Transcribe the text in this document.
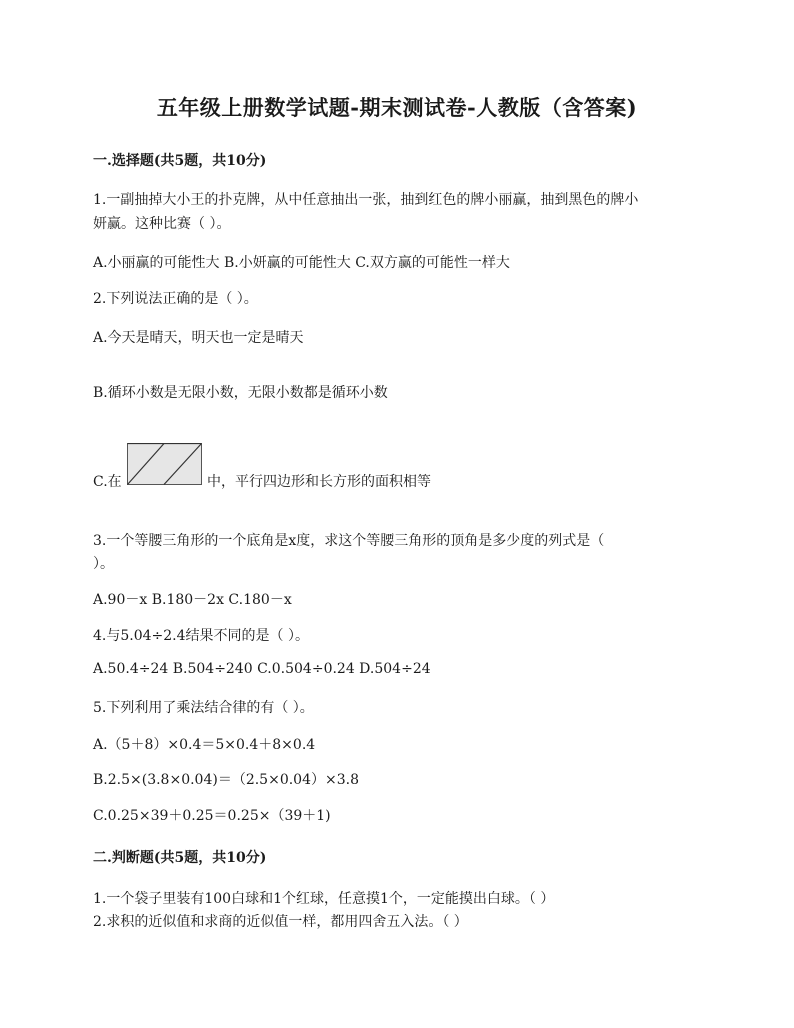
五年级上册数学试题-期末测试卷-人教版（含答案)
一.选择题(共5题，共10分)
1.一副抽掉大小王的扑克牌，从中任意抽出一张，抽到红色的牌小丽赢，抽到黑色的牌小
妍赢。这种比赛（ ）。
A.小丽赢的可能性大 B.小妍赢的可能性大 C.双方赢的可能性一样大
2.下列说法正确的是（ ）。
A.今天是晴天，明天也一定是晴天
B.循环小数是无限小数，无限小数都是循环小数
C.在	中，平行四边形和长方形的面积相等
3.一个等腰三角形的一个底角是x度，求这个等腰三角形的顶角是多少度的列式是（
）。
A.90－x B.180－2x C.180－x
4.与5.04÷2.4结果不同的是（ ）。
A.50.4÷24 B.504÷240 C.0.504÷0.24 D.504÷24
5.下列利用了乘法结合律的有（ ）。
A.（5＋8）×0.4＝5×0.4＋8×0.4
B.2.5×(3.8×0.04)＝（2.5×0.04）×3.8
C.0.25×39＋0.25＝0.25×（39＋1)
二.判断题(共5题，共10分)
1.一个袋子里装有100白球和1个红球，任意摸1个，一定能摸出白球。（ ）
2.求积的近似值和求商的近似值一样，都用四舍五入法。（ ）
